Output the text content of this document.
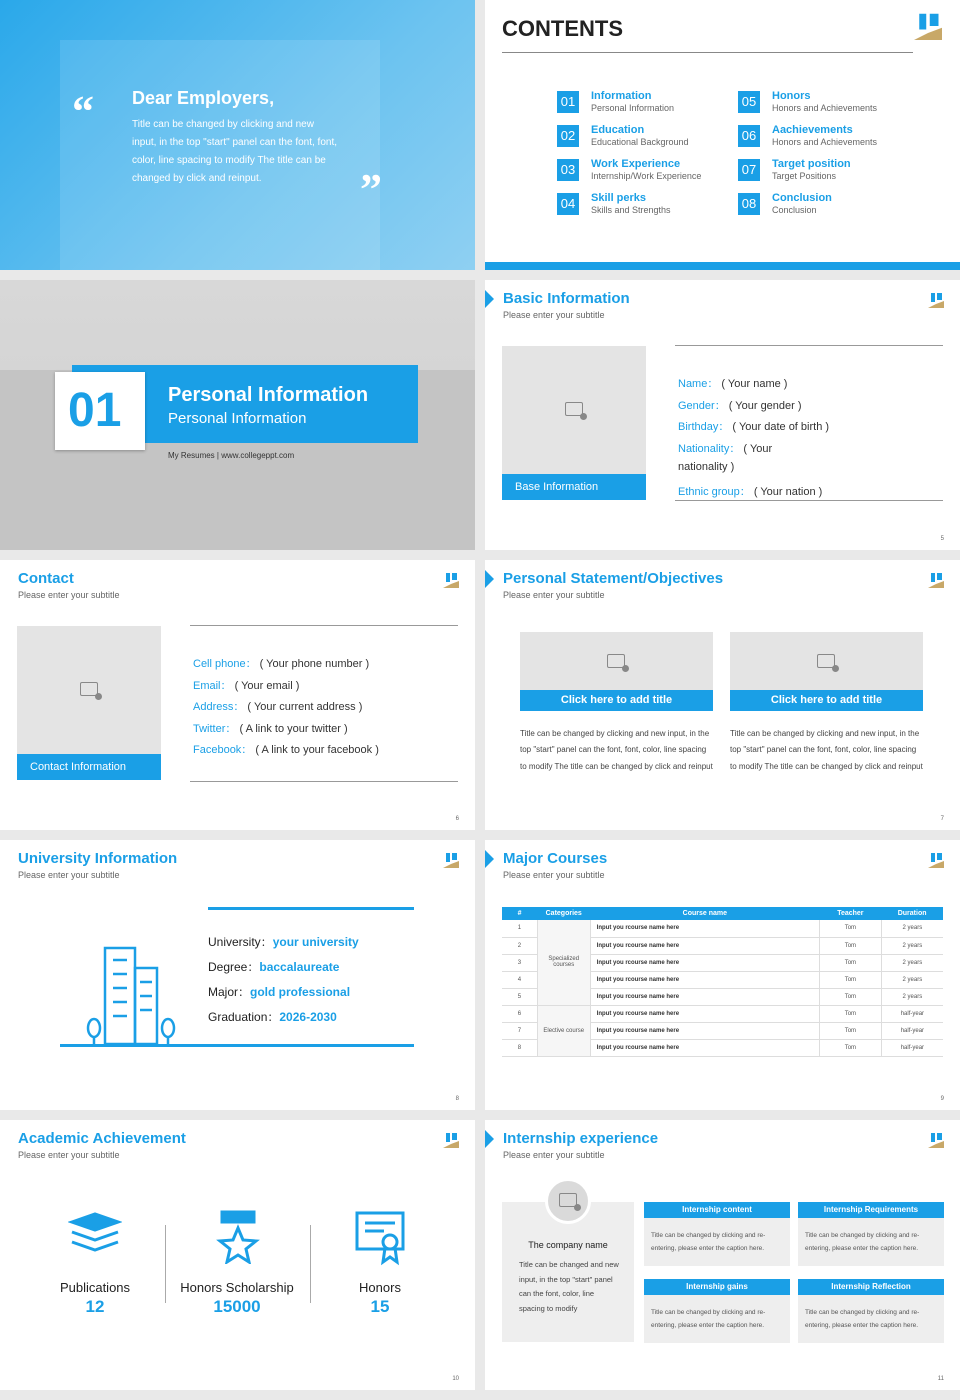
“ Dear Employers,
Title can be changed by clicking and new input, in the top "start" panel can the font, font, color, line spacing to modify The title can be changed by click and reinput.	”
CONTENTS
01	Information
Personal Information
02	Education
Educational Background
03	Work Experience
Internship/Work Experience
04	Skill perks
Skills and Strengths
05	Honors
Honors and Achievements
06	Aachievements
Honors and Achievements
07	Target position
Target Positions
08	Conclusion
Conclusion
01 Personal Information
Personal Information
My Resumes | www.collegeppt.com
Basic Information
Please enter your subtitle
Base Information
Name： ( Your name )
Gender： ( Your gender )
Birthday： ( Your date of birth )
Nationality： ( Your
nationality )
Ethnic group： ( Your nation )
5
Contact
Please enter your subtitle
Contact Information
Cell phone： ( Your phone number )
Email： ( Your email )
Address： ( Your current address )
Twitter： ( A link to your twitter )
Facebook： ( A link to your facebook )
6
Personal Statement/Objectives
Please enter your subtitle
Click here to add title
Title can be changed by clicking and new input, in the top "start" panel can the font, font, color, line spacing to modify The title can be changed by click and reinput
Click here to add title
Title can be changed by clicking and new input, in the top "start" panel can the font, font, color, line spacing to modify The title can be changed by click and reinput
7
University Information
Please enter your subtitle
University：your university
Degree：baccalaureate
Major：gold professional
Graduation：2026-2030
8
Major Courses
Please enter your subtitle
#	Categories	Course name	Teacher	Duration
1	Specialized courses	Input you rcourse name here	Tom	2 years
2		Input you rcourse name here	Tom	2 years
3		Input you rcourse name here	Tom	2 years
4		Input you rcourse name here	Tom	2 years
5		Input you rcourse name here	Tom	2 years
6	Elective course	Input you rcourse name here	Tom	half-year
7		Input you rcourse name here	Tom	half-year
8		Input you rcourse name here	Tom	half-year
9
Academic Achievement
Please enter your subtitle
Publications
12
Honors Scholarship
15000
Honors
15
10
Internship experience
Please enter your subtitle
The company name
Title can be changed and new input, in the top "start" panel can the font, color, line spacing to modify
Internship content
Title can be changed by clicking and re-entering, please enter the caption here.
Internship Requirements
Title can be changed by clicking and re-entering, please enter the caption here.
Internship gains
Title can be changed by clicking and re-entering, please enter the caption here.
Internship Reflection
Title can be changed by clicking and re-entering, please enter the caption here.
11
